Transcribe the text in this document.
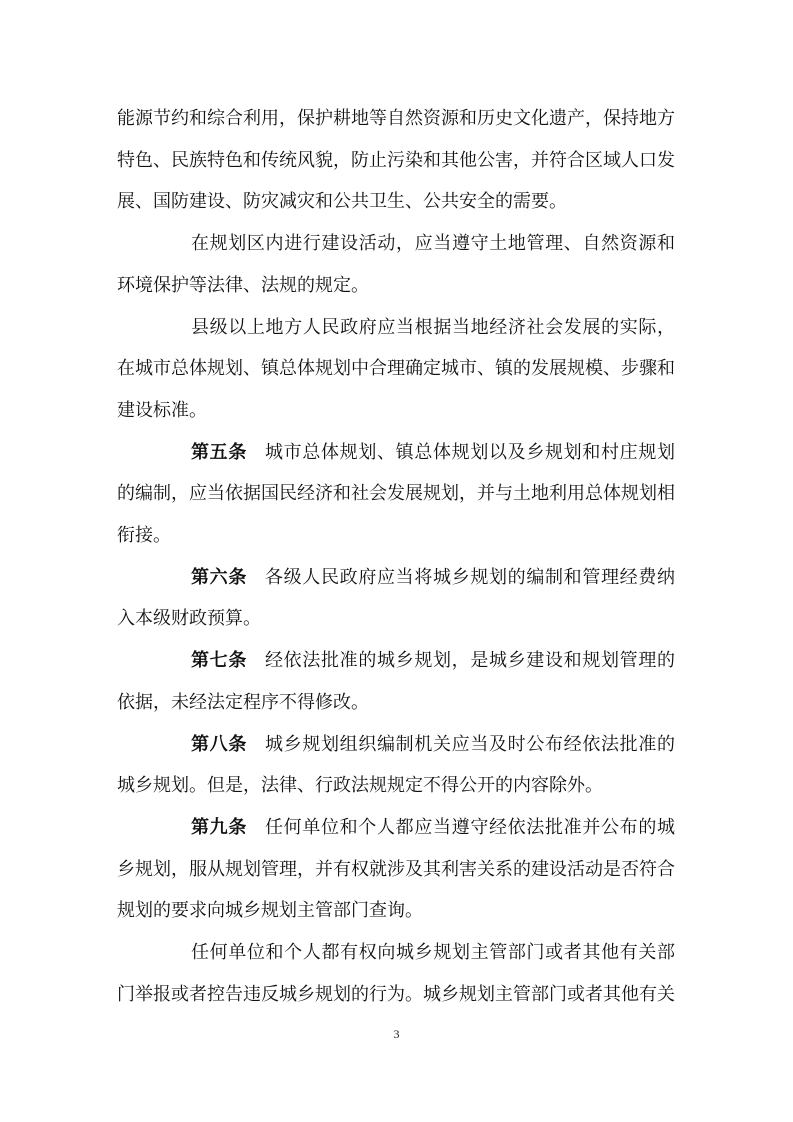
能源节约和综合利用，保护耕地等自然资源和历史文化遗产，保持地方特色、民族特色和传统风貌，防止污染和其他公害，并符合区域人口发展、国防建设、防灾减灾和公共卫生、公共安全的需要。

在规划区内进行建设活动，应当遵守土地管理、自然资源和环境保护等法律、法规的规定。

县级以上地方人民政府应当根据当地经济社会发展的实际，在城市总体规划、镇总体规划中合理确定城市、镇的发展规模、步骤和建设标准。

第五条 城市总体规划、镇总体规划以及乡规划和村庄规划的编制，应当依据国民经济和社会发展规划，并与土地利用总体规划相衔接。

第六条 各级人民政府应当将城乡规划的编制和管理经费纳入本级财政预算。

第七条 经依法批准的城乡规划，是城乡建设和规划管理的依据，未经法定程序不得修改。

第八条 城乡规划组织编制机关应当及时公布经依法批准的城乡规划。但是，法律、行政法规规定不得公开的内容除外。

第九条 任何单位和个人都应当遵守经依法批准并公布的城乡规划，服从规划管理，并有权就涉及其利害关系的建设活动是否符合规划的要求向城乡规划主管部门查询。

任何单位和个人都有权向城乡规划主管部门或者其他有关部门举报或者控告违反城乡规划的行为。城乡规划主管部门或者其他有关

3
